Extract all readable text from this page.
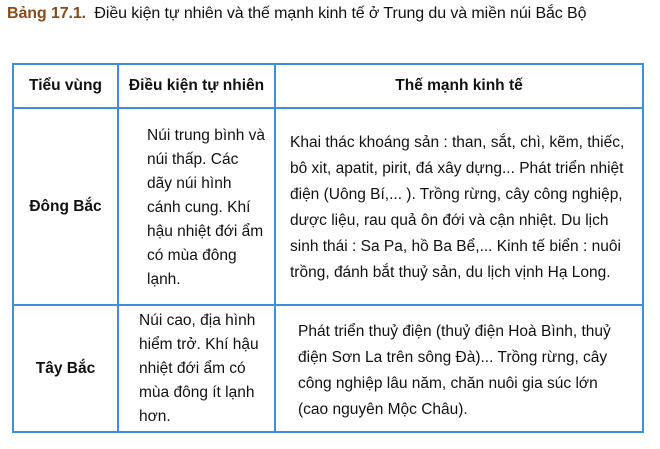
Bảng 17.1. Điều kiện tự nhiên và thế mạnh kinh tế ở Trung du và miền núi Bắc Bộ
Tiểu vùng	Điều kiện tự nhiên	Thế mạnh kinh tế
Đông Bắc	Núi trung bình và núi thấp. Các dãy núi hình cánh cung. Khí hậu nhiệt đới ẩm có mùa đông lạnh.	Khai thác khoáng sản : than, sắt, chì, kẽm, thiếc, bô xit, apatit, pirit, đá xây dựng... Phát triển nhiệt điện (Uông Bí,... ). Trồng rừng, cây công nghiệp, dược liệu, rau quả ôn đới và cận nhiệt. Du lịch sinh thái : Sa Pa, hồ Ba Bể,... Kinh tế biển : nuôi trồng, đánh bắt thuỷ sản, du lịch vịnh Hạ Long.

Tây Bắc	Núi cao, địa hình hiểm trở. Khí hậu nhiệt đới ẩm có mùa đông ít lạnh hơn.	Phát triển thuỷ điện (thuỷ điện Hoà Bình, thuỷ điện Sơn La trên sông Đà)... Trồng rừng, cây công nghiệp lâu năm, chăn nuôi gia súc lớn (cao nguyên Mộc Châu).
